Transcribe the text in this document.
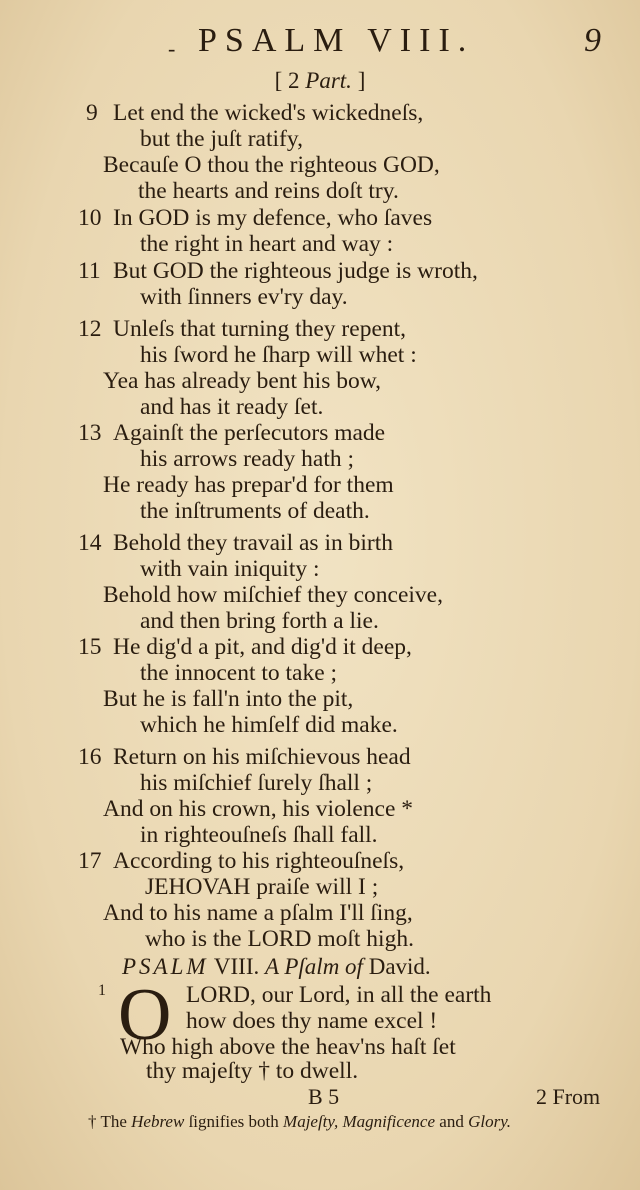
- PSALM VIII.	9
[ 2 Part. ]
9 Let end the wicked's wickedneſs,
but the juſt ratify,
Becauſe O thou the righteous GOD,
the hearts and reins doſt try.
10 In GOD is my defence, who ſaves
the right in heart and way :
11 But GOD the righteous judge is wroth,
with ſinners ev'ry day.
12 Unleſs that turning they repent,
his ſword he ſharp will whet :
Yea has already bent his bow,
and has it ready ſet.
13 Againſt the perſecutors made
his arrows ready hath ;
He ready has prepar'd for them
the inſtruments of death.
14 Behold they travail as in birth
with vain iniquity :
Behold how miſchief they conceive,
and then bring forth a lie.
15 He dig'd a pit, and dig'd it deep,
the innocent to take ;
But he is fall'n into the pit,
which he himſelf did make.
16 Return on his miſchievous head
his miſchief ſurely ſhall ;
And on his crown, his violence *
in righteouſneſs ſhall fall.
17 According to his righteouſneſs,
JEHOVAH praiſe will I ;
And to his name a pſalm I'll ſing,
who is the LORD moſt high.
PSALM VIII. A Pſalm of David.
1 O LORD, our Lord, in all the earth
how does thy name excel !
Who high above the heav'ns haſt ſet
thy majeſty † to dwell.
B 5	2 From
† The Hebrew ſignifies both Majeſty, Magnificence and Glory.
